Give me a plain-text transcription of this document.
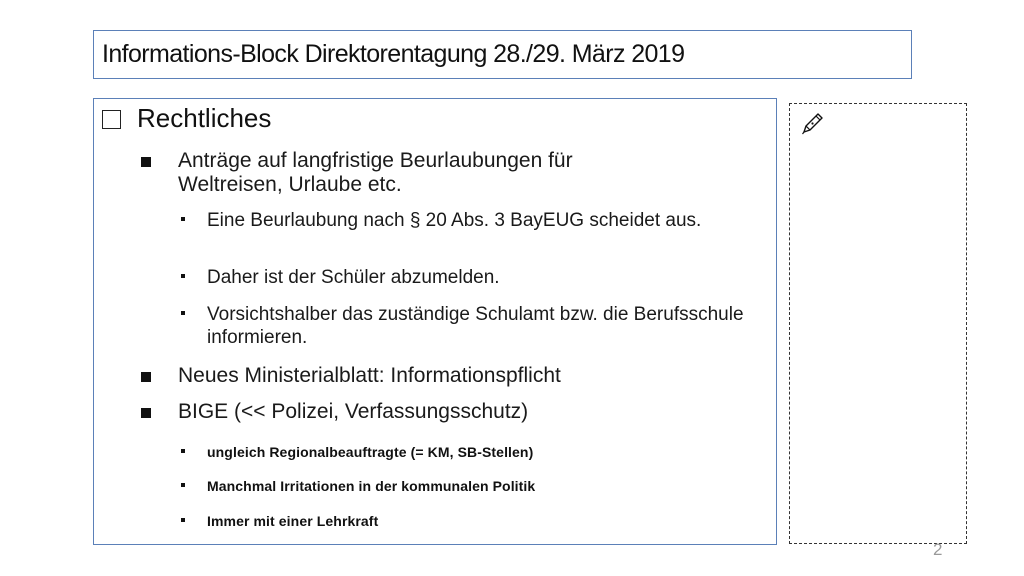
Informations-Block Direktorentagung 28./29. März 2019
Rechtliches
Anträge auf langfristige Beurlaubungen für Weltreisen, Urlaube etc.
Eine Beurlaubung nach § 20 Abs. 3 BayEUG scheidet aus.
Daher ist der Schüler abzumelden.
Vorsichtshalber das zuständige Schulamt bzw. die Berufsschule informieren.
Neues Ministerialblatt: Informationspflicht
BIGE (<< Polizei, Verfassungsschutz)
ungleich Regionalbeauftragte (= KM, SB-Stellen)
Manchmal Irritationen in der kommunalen Politik
Immer mit einer Lehrkraft
2
